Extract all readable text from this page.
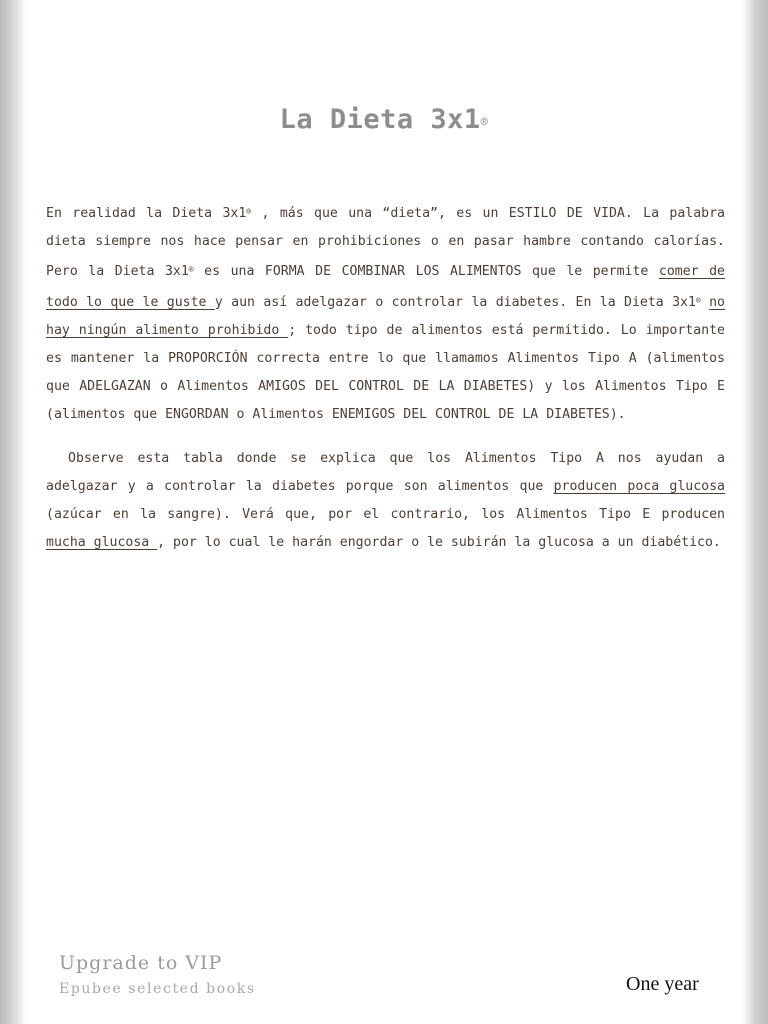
La Dieta 3x1®

En realidad la Dieta 3x1® , más que una “dieta”, es un ESTILO DE VIDA. La palabra dieta siempre nos hace pensar en prohibiciones o en pasar hambre contando calorías. Pero la Dieta 3x1® es una FORMA DE COMBINAR LOS ALIMENTOS que le permite comer de todo lo que le guste y aun así adelgazar o controlar la diabetes. En la Dieta 3x1® no hay ningún alimento prohibido ; todo tipo de alimentos está permitido. Lo importante es mantener la PROPORCIÓN correcta entre lo que llamamos Alimentos Tipo A (alimentos que ADELGAZAN o Alimentos AMIGOS DEL CONTROL DE LA DIABETES) y los Alimentos Tipo E (alimentos que ENGORDAN o Alimentos ENEMIGOS DEL CONTROL DE LA DIABETES).

Observe esta tabla donde se explica que los Alimentos Tipo A nos ayudan a adelgazar y a controlar la diabetes porque son alimentos que producen poca glucosa (azúcar en la sangre). Verá que, por el contrario, los Alimentos Tipo E producen mucha glucosa , por lo cual le harán engordar o le subirán la glucosa a un diabético.

Upgrade to VIP
Epubee selected books	One year
